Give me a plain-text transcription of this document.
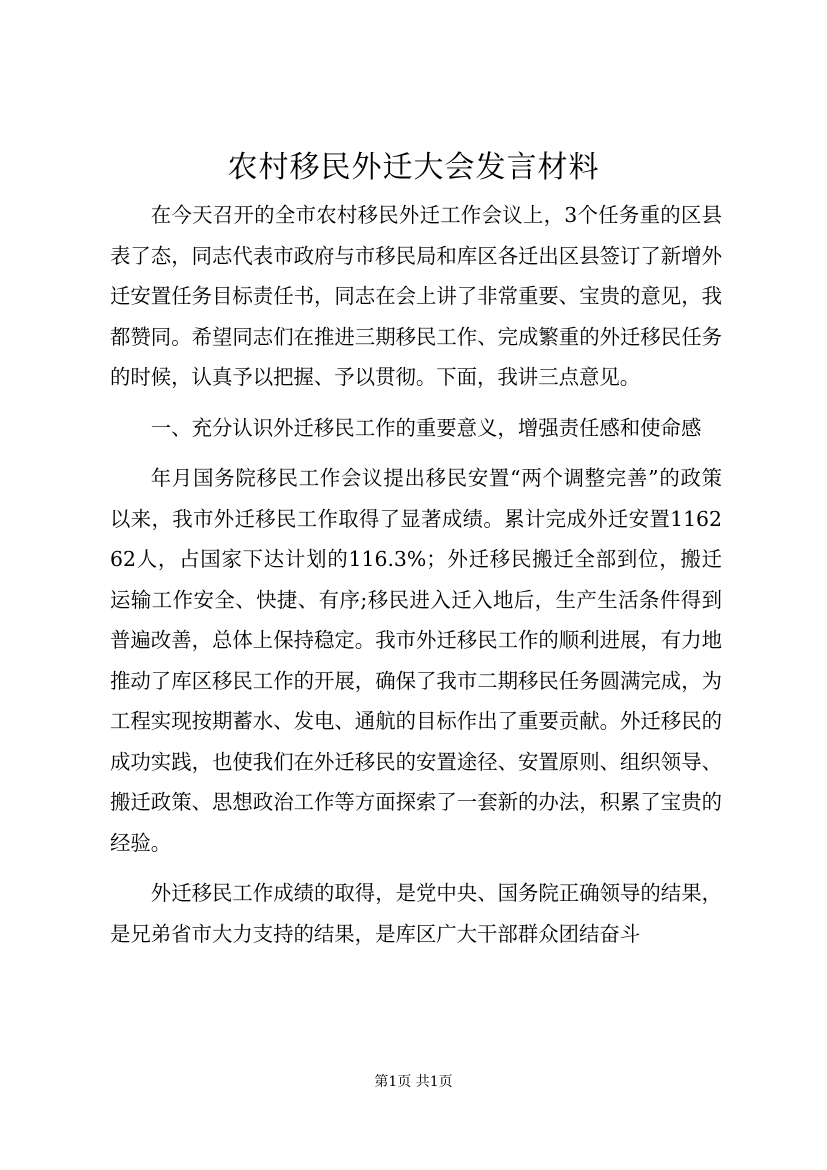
农村移民外迁大会发言材料

在今天召开的全市农村移民外迁工作会议上，3个任务重的区县表了态，同志代表市政府与市移民局和库区各迁出区县签订了新增外迁安置任务目标责任书，同志在会上讲了非常重要、宝贵的意见，我都赞同。希望同志们在推进三期移民工作、完成繁重的外迁移民任务的时候，认真予以把握、予以贯彻。下面，我讲三点意见。

一、充分认识外迁移民工作的重要意义，增强责任感和使命感

年月国务院移民工作会议提出移民安置“两个调整完善”的政策以来，我市外迁移民工作取得了显著成绩。累计完成外迁安置116262人，占国家下达计划的116.3%；外迁移民搬迁全部到位，搬迁运输工作安全、快捷、有序;移民进入迁入地后，生产生活条件得到普遍改善，总体上保持稳定。我市外迁移民工作的顺利进展，有力地推动了库区移民工作的开展，确保了我市二期移民任务圆满完成，为工程实现按期蓄水、发电、通航的目标作出了重要贡献。外迁移民的成功实践，也使我们在外迁移民的安置途径、安置原则、组织领导、搬迁政策、思想政治工作等方面探索了一套新的办法，积累了宝贵的经验。

外迁移民工作成绩的取得，是党中央、国务院正确领导的结果，是兄弟省市大力支持的结果，是库区广大干部群众团结奋斗

第1页 共1页
